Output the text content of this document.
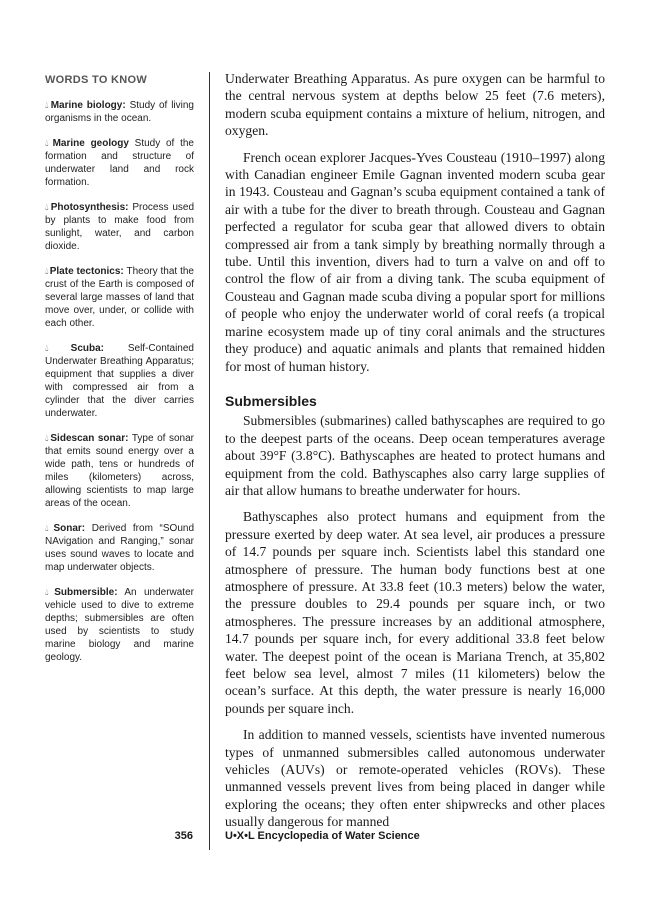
WORDS TO KNOW
💧︎Marine biology: Study of living organisms in the ocean.
💧︎Marine geology Study of the formation and structure of underwater land and rock formation.
💧︎Photosynthesis: Process used by plants to make food from sunlight, water, and carbon dioxide.
💧︎Plate tectonics: Theory that the crust of the Earth is composed of several large masses of land that move over, under, or collide with each other.
💧︎Scuba: Self-Contained Underwater Breathing Apparatus; equipment that supplies a diver with compressed air from a cylinder that the diver carries underwater.
💧︎Sidescan sonar: Type of sonar that emits sound energy over a wide path, tens or hundreds of miles (kilometers) across, allowing scientists to map large areas of the ocean.
💧︎Sonar: Derived from “SOund NAvigation and Ranging,” sonar uses sound waves to locate and map underwater objects.
💧︎Submersible: An underwater vehicle used to dive to extreme depths; submersibles are often used by scientists to study marine biology and marine geology.

Underwater Breathing Apparatus. As pure oxygen can be harmful to the central nervous system at depths below 25 feet (7.6 meters), modern scuba equipment contains a mixture of helium, nitrogen, and oxygen.

French ocean explorer Jacques-Yves Cousteau (1910–1997) along with Canadian engineer Emile Gagnan invented modern scuba gear in 1943. Cousteau and Gagnan’s scuba equipment contained a tank of air with a tube for the diver to breath through. Cousteau and Gagnan perfected a regulator for scuba gear that allowed divers to obtain compressed air from a tank simply by breathing normally through a tube. Until this invention, divers had to turn a valve on and off to control the flow of air from a diving tank. The scuba equipment of Cousteau and Gagnan made scuba diving a popular sport for millions of people who enjoy the underwater world of coral reefs (a tropical marine ecosystem made up of tiny coral animals and the structures they produce) and aquatic animals and plants that remained hidden for most of human history.

Submersibles

Submersibles (submarines) called bathyscaphes are required to go to the deepest parts of the oceans. Deep ocean temperatures average about 39°F (3.8°C). Bathyscaphes are heated to protect humans and equipment from the cold. Bathyscaphes also carry large supplies of air that allow humans to breathe underwater for hours.

Bathyscaphes also protect humans and equipment from the pressure exerted by deep water. At sea level, air produces a pressure of 14.7 pounds per square inch. Scientists label this standard one atmosphere of pressure. The human body functions best at one atmosphere of pressure. At 33.8 feet (10.3 meters) below the water, the pressure doubles to 29.4 pounds per square inch, or two atmospheres. The pressure increases by an additional atmosphere, 14.7 pounds per square inch, for every additional 33.8 feet below water. The deepest point of the ocean is Mariana Trench, at 35,802 feet below sea level, almost 7 miles (11 kilometers) below the ocean’s surface. At this depth, the water pressure is nearly 16,000 pounds per square inch.

In addition to manned vessels, scientists have invented numerous types of unmanned submersibles called autonomous underwater vehicles (AUVs) or remote-operated vehicles (ROVs). These unmanned vessels prevent lives from being placed in danger while exploring the oceans; they often enter shipwrecks and other places usually dangerous for manned

356	U•X•L Encyclopedia of Water Science
